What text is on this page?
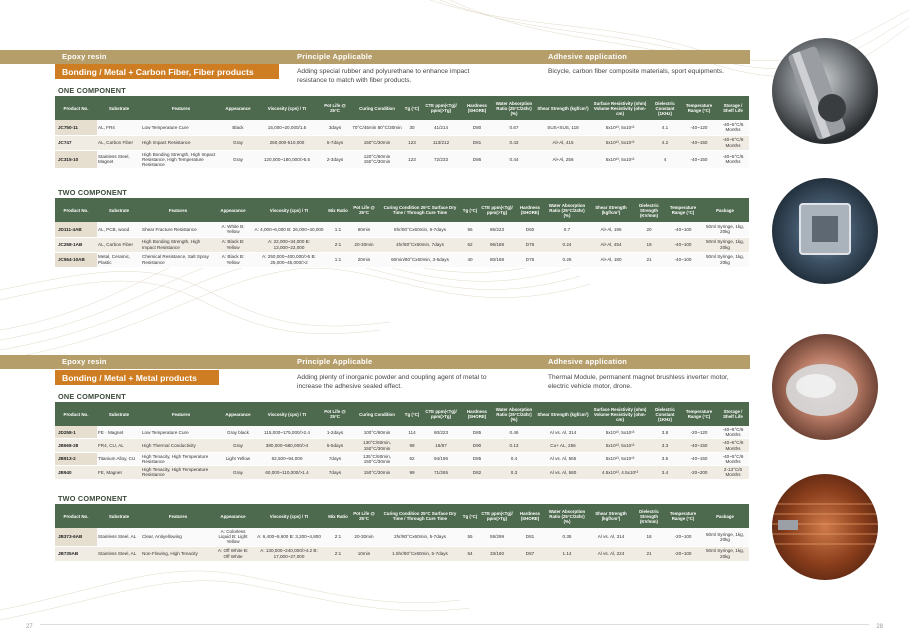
Epoxy resin	Principle Applicable	Adhesive application
Bonding / Metal + Carbon Fiber, Fiber products	Adding special rubber and polyurethane to enhance impact resistance to match with fiber products.
Bicycle, carbon fiber composite materials, sport equipments.
ONE COMPONENT
Product No.	Substrate	Features	Appearance	Viscosity (cps) / TI	Pot Life @ 25°C	Curing Condition	Tg (°C)	CTE ppm(<Tg)/ ppm(>Tg)	Hardness (SHORE)	Water Absorption Ratio (25°C/24hr)(%)	Shear Strength (kgf/cm²)	Surface Resistivity (ohm) Volume Resistivity (ohm-cm)	Dielectric Constant (1KHz)	Temperature Range (°C)	Storage / Shelf Life
JC750-11	AL, FR4	Low Temperature Cure	Black	15,000~20,000/1.5	3days	70°C/45min 80°C/30min	30	41/214	D80	0.67	SUS+SUS, 118	5x10¹³, 5x10¹³	4.1	-40~120	-40~5°C/6 Months
JC747	AL, Carbon Fiber	High Impact Resistance	Gray	260,000-510,000	5-7days	150°C/30min	123	113/212	D81	0.43	Al+Al, 415	5x10¹³, 5x10¹³	4.2	-40~150	-40~5°C/6 Months
JC315-10	Stainless Steel, Magnet	High Bonding Strength, High Impact Resistance, High Temperature Resistance	Gray	120,000~180,000/>5.5	2-3days	120°C/60min 150°C/30min	123	72/233	D86	0.44	Al+Al, 256	5x10¹³, 5x10¹³	4	-40~150	-40~5°C/6 Months
TWO COMPONENT
Product No.	Substrate	Features	Appearance	Viscosity (cps) / TI	Mix Ratio	Pot Life @ 25°C	Curing Condition 25°C Surface Dry Time / Through Cure Time	Tg (°C)	CTE ppm(<Tg)/ ppm(>Tg)	Hardness (SHORE)	Water Absorption Ratio (25°C/24hr)(%)	Shear Strength (kgf/cm²)	Dielectric Strength (KV/mm)	Temperature Range (°C)	Package
JD111-4AB	AL, PCB, wood	Shear Fracture Resistance	A: White B: Yellow	A: 4,000~6,000 B: 26,000~40,000	1:1	60min	8hr/80°Cx60min, 5-7days	56	86/223	D60	0.7	Al+Al, 195	20	-40~100	50ml Syringe, 1kg, 20kg
JC258-1AB	AL, Carbon Fiber	High Bonding Strength, High Impact Resistance	A: Black B: Yellow	A: 22,000~34,000 B: 13,000~22,000	2:1	20-30min	4hr/80°Cx60min, 7days	62	96/188	D76	0.24	Al+Al, 454	19	-40~100	50ml Syringe, 1kg, 20kg
JC564-10AB	Metal, Ceramic, Plastic	Chemical Resistance, Salt Spray Resistance	A: Black B: Yellow	A: 250,000~400,000/>5 B: 25,000~45,000/>2	1:1	20min	60min/80°Cx60min, 3-5days	40	80/168	D76	0.26	Al+Al, 180	21	-40~100	50ml Syringe, 1kg, 20kg
Epoxy resin	Principle Applicable	Adhesive application
Bonding / Metal + Metal products	Adding plenty of inorganic powder and coupling agent of metal to increase the adhesive sealed effect.
Thermal Module, permanent magnet brushless inverter motor, electric vehicle motor, drone.
ONE COMPONENT
Product No.	Substrate	Features	Appearance	Viscosity (cps) / TI	Pot Life @ 25°C	Curing Condition	Tg (°C)	CTE ppm(<Tg)/ ppm(>Tg)	Hardness (SHORE)	Water Absorption Ratio (25°C/24hr)(%)	Shear Strength (kgf/cm²)	Surface Resistivity (ohm) Volume Resistivity (ohm-cm)	Dielectric Constant (1KHz)	Temperature Range (°C)	Storage / Shelf Life
JD258-1	FE · Magnet	Low Temperature Cure	Gray black	115,000~175,000/>2.4	1-2days	100°C/60min	114	80/223	D85	0.46	Al vs. Al, 314	5x10¹³, 5x10¹³	3.8	-20~120	-40~5°C/6 Months
JB668-28	FR4, CU, AL	High Thermal Conductivity	Gray	380,000~580,000/>4	5-5days	130°C/60min, 150°C/30min	99	16/87	D90	0.13	Cu+ AL, 256	5x10¹³, 5x10¹³	3.3	-40~150	-40~5°C/6 Months
JB913-2	Titanium Alloy, CU	High Tenacity, High Temperature Resistance	Light Yellow	62,500~94,000	7days	135°C/60min, 150°C/30min	62	94/196	D85	0.4	Al vs. Al, 565	5x10¹³, 5x10¹³	3.5	-40~150	-40~5°C/6 Months
JB940	FE, Magnet	High Tenacity, High Temperature Resistance	Gray	60,000~110,000/>1.4	7days	150°C/30min	99	71/265	D82	0.3	Al vs. Al, 580	4.5x10¹³, 4.5x10¹³	3.4	-20~200	2-13°C/6 Months
TWO COMPONENT
Product No.	Substrate	Features	Appearance	Viscosity (cps) / TI	Mix Ratio	Pot Life @ 25°C	Curing Condition 25°C Surface Dry Time / Through Cure Time	Tg (°C)	CTE ppm(<Tg)/ ppm(>Tg)	Hardness (SHORE)	Water Absorption Ratio (25°C/24hr)(%)	Shear Strength (kgf/cm²)	Dielectric Strength (KV/mm)	Temperature Range (°C)	Package
JB373-6AB	Stainless Steel, AL	Clear, Antiyellowing	A: Colorless Liquid B: Light Yellow	A: 6,400~9,600 B: 3,200~4,800	2:1	20-30min	2hr/80°Cx60min, 5-7days	55	59/299	D81	0.35	Al vs. Al, 314	18	-20~100	50ml Syringe, 1kg, 20kg
JB735AB	Stainless Steel, AL	Non-Flowing, High Tenacity	A: Off White B: Off White	A: 130,000~240,000/>4.2 B: 17,000~27,000	2:1	10min	1.5hr/80°Cx60min, 5-7days	54	33/160	D87	1.14	Al vs. Al, 224	21	-20~100	50ml Syringe, 1kg, 20kg
27	28
